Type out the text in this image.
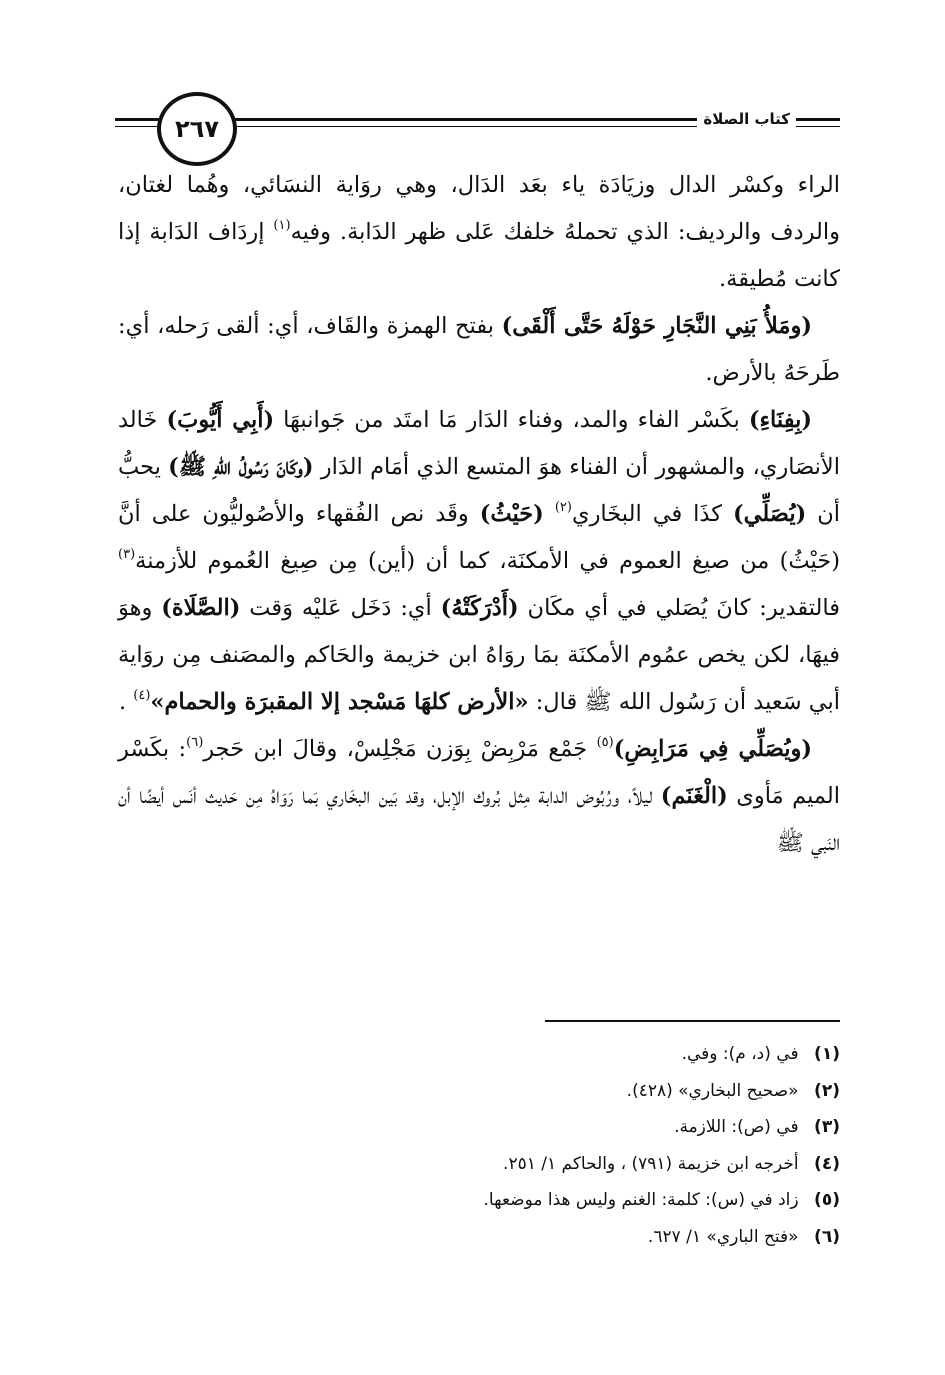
٢٦٧	كتاب الصلاة

الراء وكسْر الدال وزيَادَة ياء بعَد الدَال، وهي روَاية النسَائي، وهُما لغتان، والردف والرديف: الذي تحملهُ خلفك عَلى ظهر الدَابة. وفيه$^{(١)}$ إردَاف الدَابة إذا كانت مُطيقة.

(ومَلأُ بَنِي النَّجَارِ حَوْلَهُ حَتَّى أَلْقَى) بفتح الهمزة والقَاف، أي: ألقى رَحله، أي: طَرحَهُ بالأرض.

(بِفِنَاءِ) بكَسْر الفاء والمد، وفناء الدَار مَا امتَد من جَوانبهَا (أَبِي أَيُّوبَ) خَالد الأنصَاري، والمشهور أن الفناء هوَ المتسع الذي أمَام الدَار (وكَانَ رَسُولُ اللهِ ﷺ) يحبُّ أن (يُصَلِّي) كذَا في البخَاري$^{(٢)}$ (حَيْثُ) وقَد نص الفُقهاء والأصُوليُّون على أنَّ (حَيْثُ) من صيغ العموم في الأمكنَة، كما أن (أين) مِن صِيغ العُموم للأزمنة$^{(٣)}$ فالتقدير: كانَ يُصَلي في أي مكَان (أَدْرَكَتْهُ) أي: دَخَل عَليْه وَقت (الصَّلَاة) وهوَ فيهَا، لكن يخص عمُوم الأمكنَة بمَا روَاهُ ابن خزيمة والحَاكم والمصَنف مِن روَاية أبي سَعيد أن رَسُول الله ﷺ قال: «الأرض كلهَا مَسْجد إلا المقبرَة والحمام»$^{(٤)}$ .

(ويُصَلِّي فِي مَرَابِضِ)$^{(٥)}$ جَمْع مَرْبِضْ بِوَزن مَجْلِسْ، وقالَ ابن حَجر$^{(٦)}$: بكَسْر الميم مَأوى (الْغَنَم) ليلاً، ورُبُوض الدابة مِثل بُروك الإبل، وقد بَين البخَاري بَما رَوَاهُ مِن حَديث أنَس أيضًا أن النَبي ﷺ

(١) في (د، م): وفي.
(٢) «صحيح البخاري» (٤٢٨).
(٣) في (ص): اللازمة.
(٤) أخرجه ابن خزيمة (٧٩١) ، والحاكم ١/ ٢٥١.
(٥) زاد في (س): كلمة: الغنم وليس هذا موضعها.
(٦) «فتح الباري» ١/ ٦٢٧.
